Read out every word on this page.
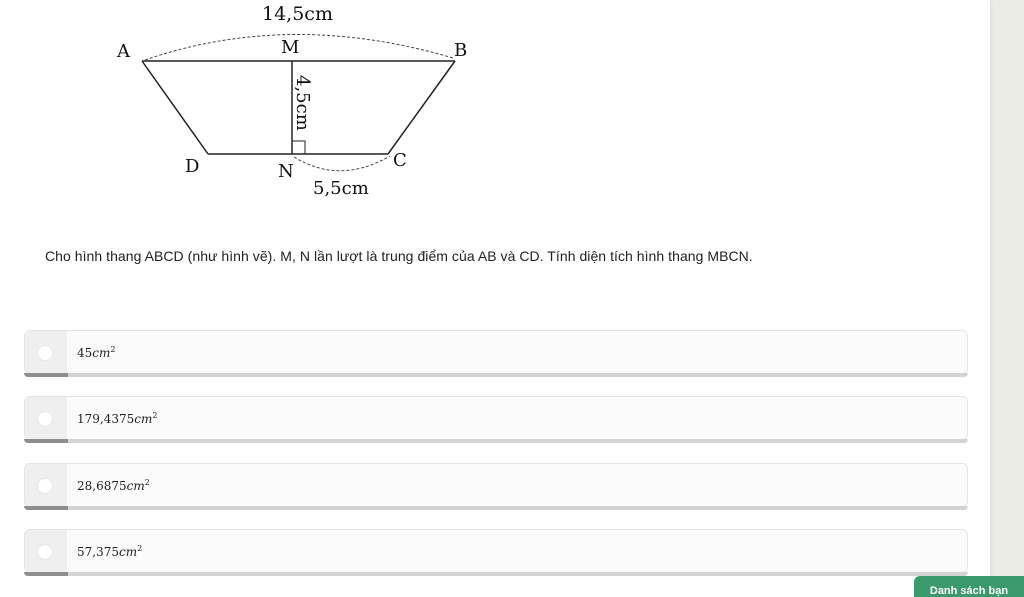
14,5cm
A	M	B
D	N
C
5,5cm
4,5cm
Cho hình thang ABCD (như hình vẽ). M, N lần lượt là trung điểm của AB và CD. Tính diện tích hình thang MBCN.
$45cm^2$
$179,4375cm^2$
$28,6875cm^2$
$57,375cm^2$
Danh sách bạn
